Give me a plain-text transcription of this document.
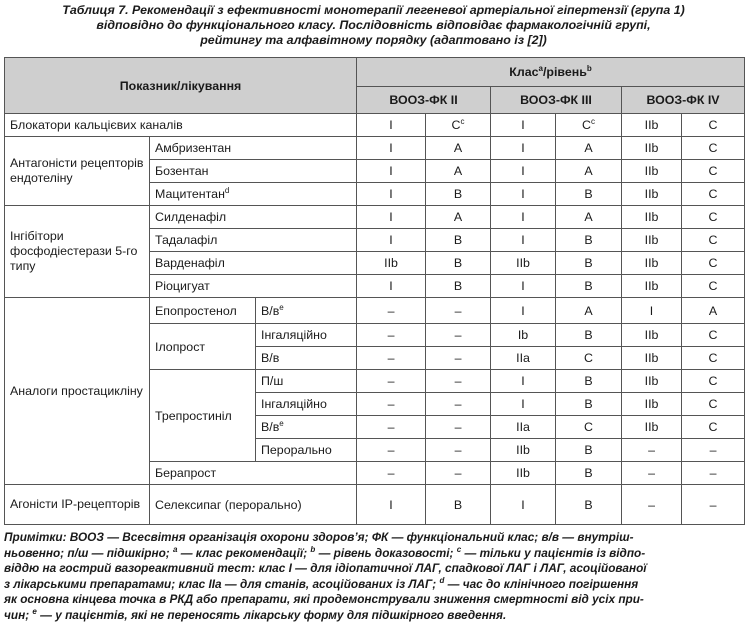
Таблиця 7. Рекомендації з ефективності монотерапії легеневої артеріальної гіпертензії (група 1)
відповідно до функціонального класу. Послідовність відповідає фармакологічній групі,
рейтингу та алфавітному порядку (адаптовано із [2])
Показник/лікування			Клас$^а$/рівень$^b$
			ВООЗ-ФК ІІ		ВООЗ-ФК ІІІ		ВООЗ-ФК IV	
Блокатори кальцієвих каналів			I	$C^с$	I	$C^с$	IIb	C
Антагоністи рецепторів ендотеліну	Амбризентан		I	A	I	A	IIb	C
	Бозентан		I	A	I	A	IIb	C
	Мацитентан$^d$		I	B	I	B	IIb	C
Інгібітори фосфодіестерази 5-го типу	Силденафіл		I	A	I	A	IIb	C
	Тадалафіл		I	B	I	B	IIb	C
	Варденафіл		IIb	B	IIb	B	IIb	C
	Ріоцигуат		I	B	I	B	IIb	C
Аналоги простацикліну	Епопростенол	$В/в^е$	–	–	I	A	I	A
	Ілопрост	Інгаляційно	–	–	Ib	B	IIb	C
		В/в	–	–	IIa	C	IIb	C
	Трепростиніл	П/ш	–	–	I	B	IIb	C
		Інгаляційно	–	–	I	B	IIb	C
		$В/в^е$	–	–	IIa	C	IIb	C
		Перорально	–	–	IIb	B	–	–
	Берапрост		–	–	IIb	B	–	–
Агоністи IP-рецепторів	Селексипаг (перорально)		I	B	I	B	–	–
Примітки: ВООЗ — Всесвітня організація охорони здоров’я; ФК — функціональний клас; в/в — внутріш-
ньовенно; п/ш — підшкірно; $^а$ — клас рекомендації; $^b$ — рівень доказовості; $^с$ — тільки у пацієнтів із відпо-
віддю на гострий вазореактивний тест: клас І — для ідіопатичної ЛАГ, спадкової ЛАГ і ЛАГ, асоційованої
з лікарськими препаратами; клас IIa — для станів, асоційованих із ЛАГ; $^d$ — час до клінічного погіршення
як основна кінцева точка в РКД або препарати, які продемонстрували зниження смертності від усіх при-
чин; $^е$ — у пацієнтів, які не переносять лікарську форму для підшкірного введення.
